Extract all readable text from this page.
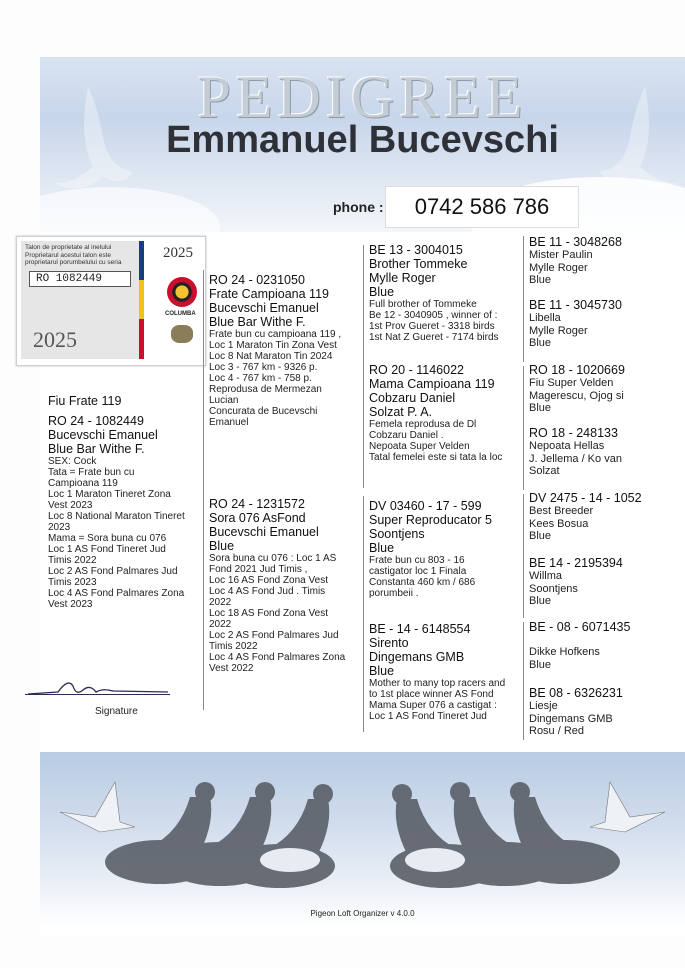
PEDIGREE
Emmanuel Bucevschi
phone :	0742 586 786
Talon de proprietate al inelului
Proprietarul acestui talon este
proprietarul porumbelului cu seria
RO 1082449
2025
2025
COLUMBA
Fiu Frate 119
RO 24 - 1082449
Bucevschi Emanuel
Blue Bar Withe F.
SEX: Cock
Tata = Frate bun cu
Campioana 119
Loc 1 Maraton Tineret Zona
Vest 2023
Loc 8 National Maraton Tineret
2023
Mama = Sora buna cu 076
Loc 1 AS Fond Tineret Jud
Timis 2022
Loc 2 AS Fond Palmares Jud
Timis 2023
Loc 4 AS Fond Palmares Zona
Vest 2023
Signature
RO 24 - 0231050
Frate Campioana 119
Bucevschi Emanuel
Blue Bar Withe F.
Frate bun cu campioana 119 ,
Loc 1 Maraton Tin Zona Vest
Loc 8 Nat Maraton Tin 2024
Loc 3 - 767 km - 9326 p.
Loc 4 - 767 km - 758 p.
Reprodusa de Mermezan
Lucian
Concurata de Bucevschi
Emanuel
RO 24 - 1231572
Sora 076 AsFond
Bucevschi Emanuel
Blue
Sora buna cu 076 : Loc 1 AS
Fond 2021 Jud Timis ,
Loc 16 AS Fond Zona Vest
Loc 4 AS Fond Jud . Timis
2022
Loc 18 AS Fond Zona Vest
2022
Loc 2 AS Fond Palmares Jud
Timis 2022
Loc 4 AS Fond Palmares Zona
Vest 2022
BE 13 - 3004015
Brother Tommeke
Mylle Roger
Blue
Full brother of Tommeke
Be 12 - 3040905 , winner of :
1st Prov Gueret - 3318 birds
1st Nat Z Gueret - 7174 birds
RO 20 - 1146022
Mama Campioana 119
Cobzaru Daniel
Solzat P. A.
Femela reprodusa de Dl
Cobzaru Daniel .
Nepoata Super Velden
Tatal femelei este si tata la loc
DV 03460 - 17 - 599
Super Reproducator 5
Soontjens
Blue
Frate bun cu 803 - 16
castigator loc 1 Finala
Constanta 460 km / 686
porumbeii .
BE - 14 - 6148554
Sirento
Dingemans GMB
Blue
Mother to many top racers and
to 1st place winner AS Fond
Mama Super 076 a castigat :
Loc 1 AS Fond Tineret Jud
BE 11 - 3048268
Mister Paulin
Mylle Roger
Blue
BE 11 - 3045730
Libella
Mylle Roger
Blue
RO 18 - 1020669
Fiu Super Velden
Magerescu, Ojog si
Blue
RO 18 - 248133
Nepoata Hellas
J. Jellema / Ko van
Solzat
DV 2475 - 14 - 1052
Best Breeder
Kees Bosua
Blue
BE 14 - 2195394
Willma
Soontjens
Blue
BE - 08 - 6071435
Dikke Hofkens
Blue
BE 08 - 6326231
Liesje
Dingemans GMB
Rosu / Red
Pigeon Loft Organizer v 4.0.0
